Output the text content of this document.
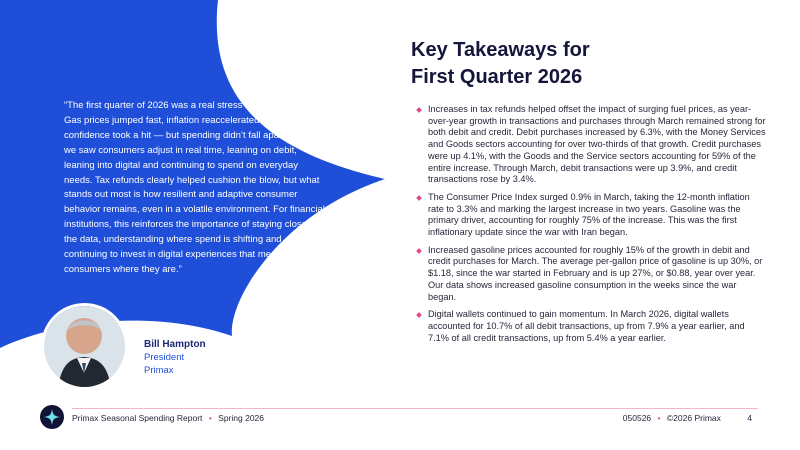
“The first quarter of 2026 was a real stress test for consumers. Gas prices jumped fast, inflation reaccelerated and confidence took a hit — but spending didn’t fall apart. Instead, we saw consumers adjust in real time, leaning on debit, leaning into digital and continuing to spend on everyday needs. Tax refunds clearly helped cushion the blow, but what stands out most is how resilient and adaptive consumer behavior remains, even in a volatile environment. For financial institutions, this reinforces the importance of staying close to the data, understanding where spend is shifting and continuing to invest in digital experiences that meet consumers where they are.”

Bill Hampton
President
Primax
Key Takeaways for
First Quarter 2026
Increases in tax refunds helped offset the impact of surging fuel prices, as year-over-year growth in transactions and purchases through March remained strong for both debit and credit. Debit purchases increased by 6.3%, with the Money Services and Goods sectors accounting for over two-thirds of that growth. Credit purchases were up 4.1%, with the Goods and the Service sectors accounting for 59% of the entire increase. Through March, debit transactions were up 3.9%, and credit transactions rose by 3.4%.
The Consumer Price Index surged 0.9% in March, taking the 12-month inflation rate to 3.3% and marking the largest increase in two years. Gasoline was the primary driver, accounting for roughly 75% of the increase. This was the first inflationary update since the war with Iran began.
Increased gasoline prices accounted for roughly 15% of the growth in debit and credit purchases for March. The average per-gallon price of gasoline is up 30%, or $1.18, since the war started in February and is up 27%, or $0.88, year over year. Our data shows increased gasoline consumption in the weeks since the war began.
Digital wallets continued to gain momentum. In March 2026, digital wallets accounted for 10.7% of all debit transactions, up from 7.9% a year earlier, and 7.1% of all credit transactions, up from 5.4% a year earlier.
Primax Seasonal Spending Report • Spring 2026	050526 • ©2026 Primax	4
